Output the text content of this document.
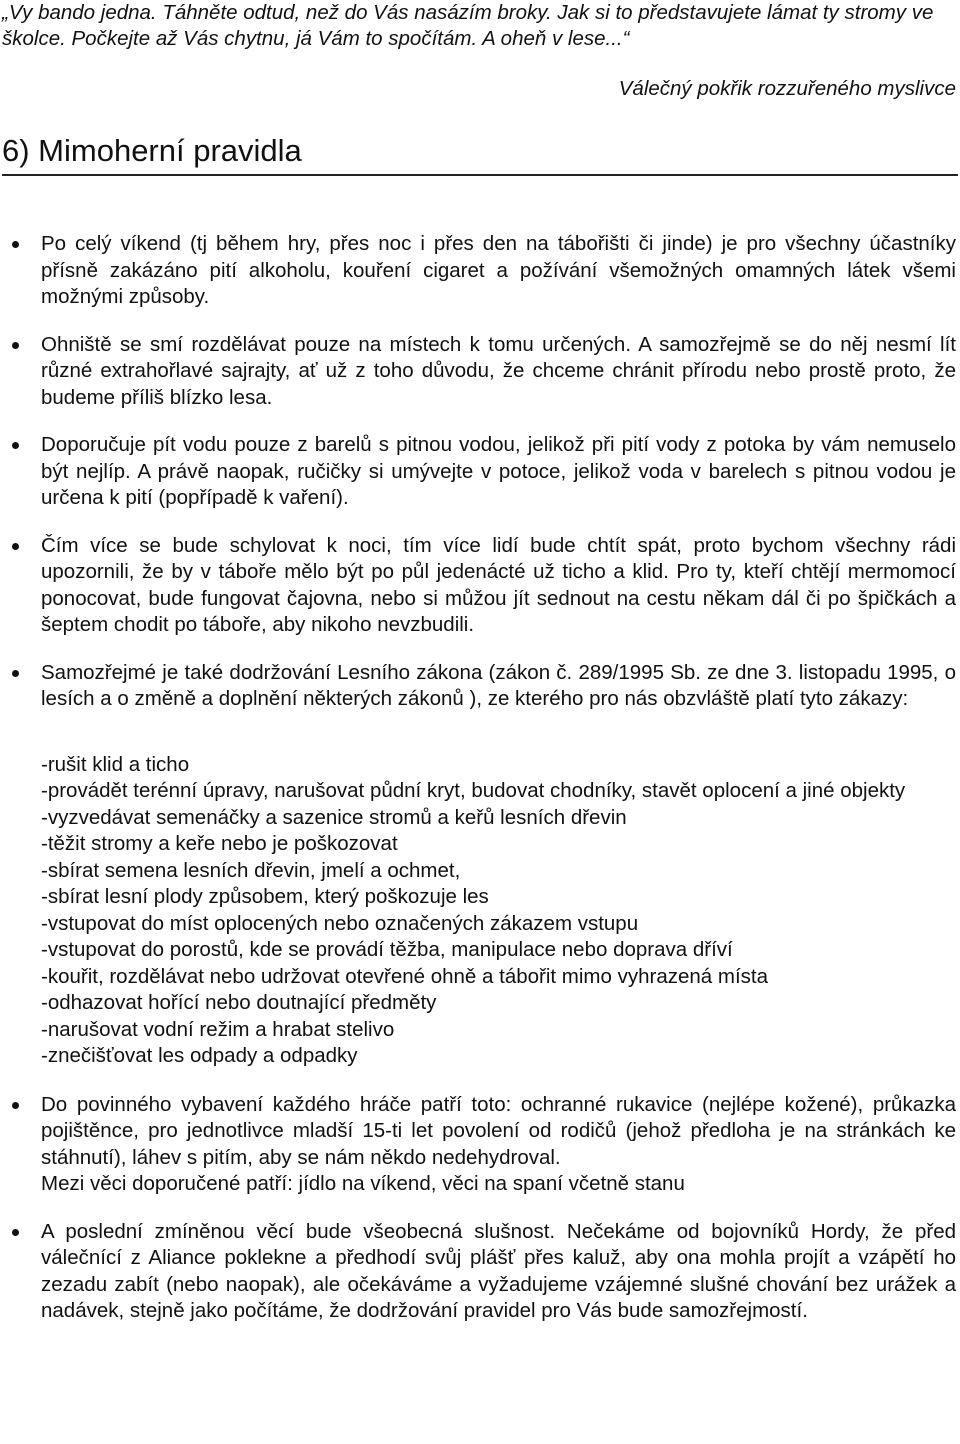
„Vy bando jedna. Táhněte odtud, než do Vás nasázím broky. Jak si to představujete lámat ty stromy ve školce. Počkejte až Vás chytnu, já Vám to spočítám. A oheň v lese...“
Válečný pokřik rozzuřeného myslivce
6) Mimoherní pravidla
Po celý víkend (tj během hry, přes noc i přes den na tábořišti či jinde) je pro všechny účastníky přísně zakázáno pití alkoholu, kouření cigaret a požívání všemožných omamných látek všemi možnými způsoby.
Ohniště se smí rozdělávat pouze na místech k tomu určených. A samozřejmě se do něj nesmí lít různé extrahořlavé sajrajty, ať už z toho důvodu, že chceme chránit přírodu nebo prostě proto, že budeme příliš blízko lesa.
Doporučuje pít vodu pouze z barelů s pitnou vodou, jelikož při pití vody z potoka by vám nemuselo být nejlíp. A právě naopak, ručičky si umývejte v potoce, jelikož voda v barelech s pitnou vodou je určena k pití (popřípadě k vaření).
Čím více se bude schylovat k noci, tím více lidí bude chtít spát, proto bychom všechny rádi upozornili, že by v táboře mělo být po půl jedenácté už ticho a klid. Pro ty, kteří chtějí mermomocí ponocovat, bude fungovat čajovna, nebo si můžou jít sednout na cestu někam dál či po špičkách a šeptem chodit po táboře, aby nikoho nevzbudili.
Samozřejmé je také dodržování Lesního zákona (zákon č. 289/1995 Sb. ze dne 3. listopadu 1995, o lesích a o změně a doplnění některých zákonů ), ze kterého pro nás obzvláště platí tyto zákazy:
-rušit klid a ticho
-provádět terénní úpravy, narušovat půdní kryt, budovat chodníky, stavět oplocení a jiné objekty
-vyzvedávat semenáčky a sazenice stromů a keřů lesních dřevin
-těžit stromy a keře nebo je poškozovat
-sbírat semena lesních dřevin, jmelí a ochmet,
-sbírat lesní plody způsobem, který poškozuje les
-vstupovat do míst oplocených nebo označených zákazem vstupu
-vstupovat do porostů, kde se provádí těžba, manipulace nebo doprava dříví
-kouřit, rozdělávat nebo udržovat otevřené ohně a tábořit mimo vyhrazená místa
-odhazovat hořící nebo doutnající předměty
-narušovat vodní režim a hrabat stelivo
-znečišťovat les odpady a odpadky
Do povinného vybavení každého hráče patří toto: ochranné rukavice (nejlépe kožené), průkazka pojištěnce, pro jednotlivce mladší 15-ti let povolení od rodičů (jehož předloha je na stránkách ke stáhnutí), láhev s pitím, aby se nám někdo nedehydroval.
Mezi věci doporučené patří: jídlo na víkend, věci na spaní včetně stanu
A poslední zmíněnou věcí bude všeobecná slušnost. Nečekáme od bojovníků Hordy, že před válečnící z Aliance poklekne a předhodí svůj plášť přes kaluž, aby ona mohla projít a vzápětí ho zezadu zabít (nebo naopak), ale očekáváme a vyžadujeme vzájemné slušné chování bez urážek a nadávek, stejně jako počítáme, že dodržování pravidel pro Vás bude samozřejmostí.
